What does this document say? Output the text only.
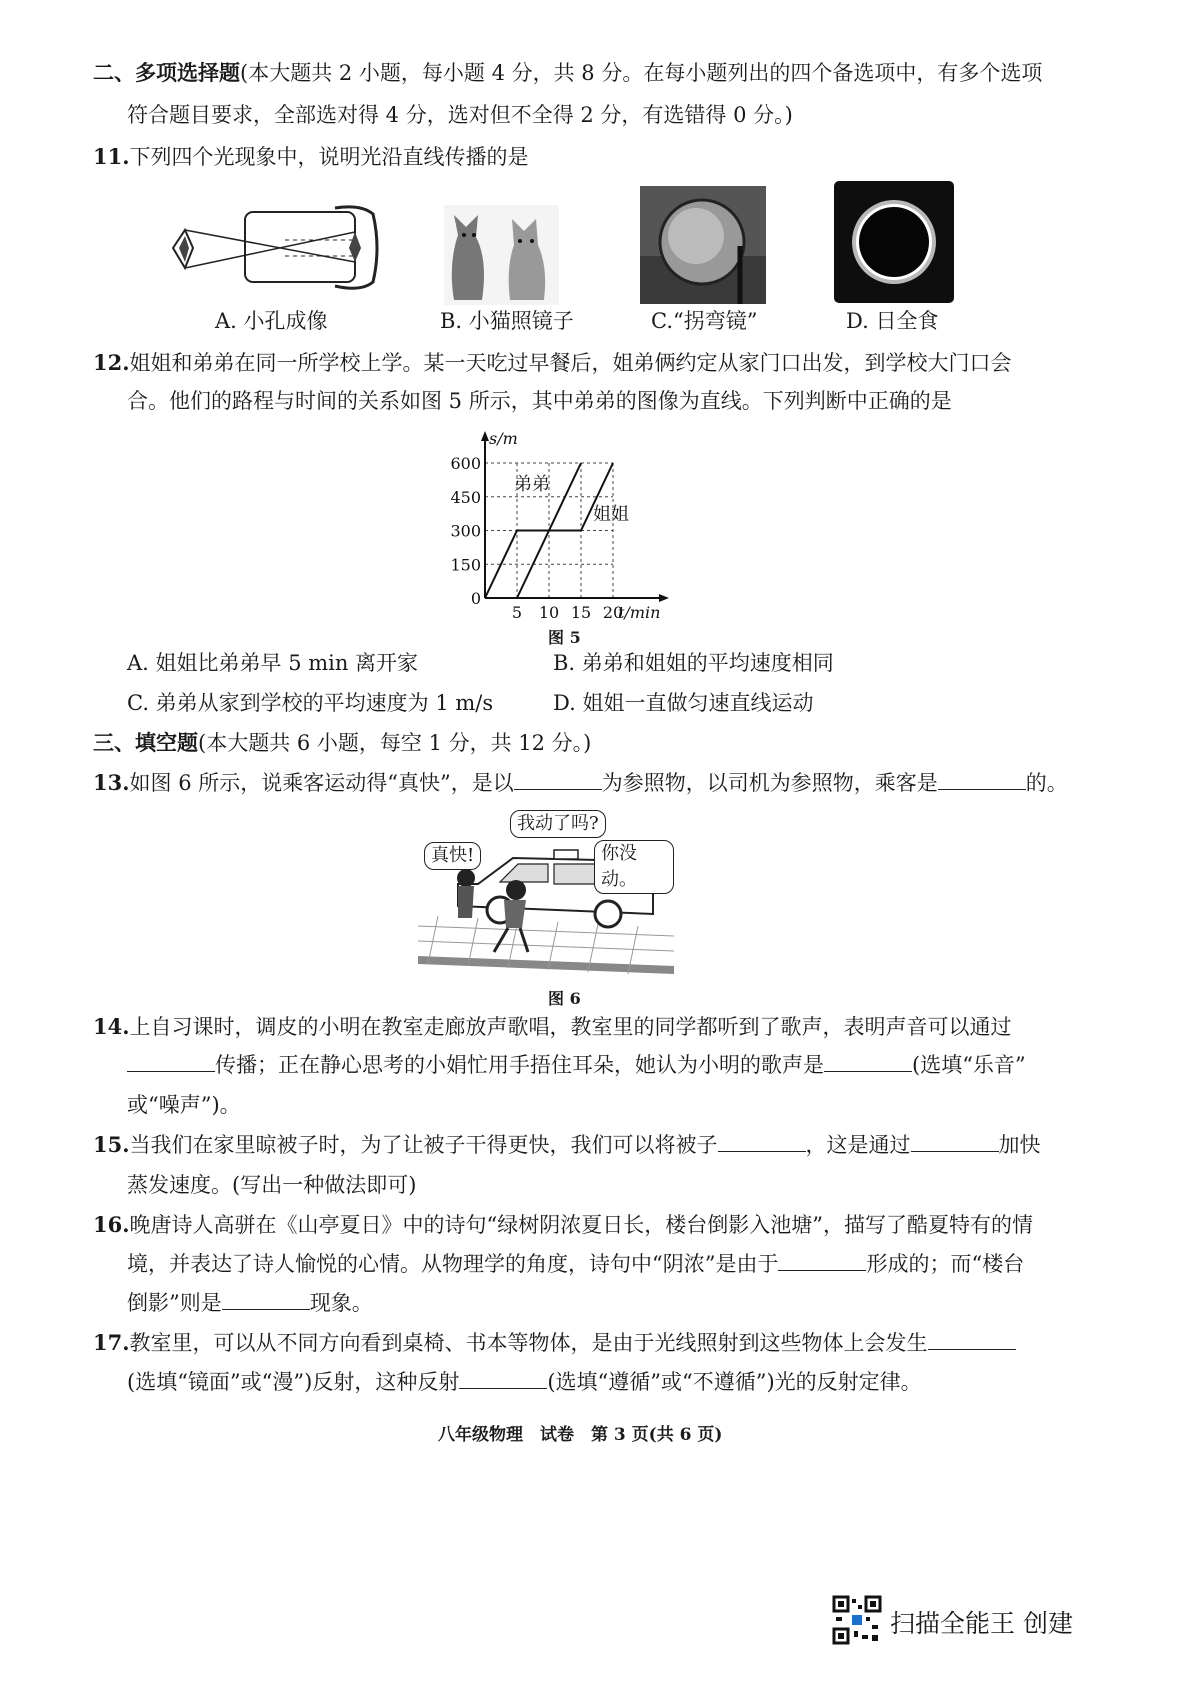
二、多项选择题(本大题共 2 小题，每小题 4 分，共 8 分。在每小题列出的四个备选项中，有多个选项
符合题目要求，全部选对得 4 分，选对但不全得 2 分，有选错得 0 分。)
11.下列四个光现象中，说明光沿直线传播的是
A. 小孔成像	B. 小猫照镜子	C.“拐弯镜”	D. 日全食
12.姐姐和弟弟在同一所学校上学。某一天吃过早餐后，姐弟俩约定从家门口出发，到学校大门口会
合。他们的路程与时间的关系如图 5 所示，其中弟弟的图像为直线。下列判断中正确的是
0
150
300
450
600
5 10 15 20
s/m
t/min
弟弟
姐姐
图 5
A. 姐姐比弟弟早 5 min 离开家	B. 弟弟和姐姐的平均速度相同
C. 弟弟从家到学校的平均速度为 1 m/s	D. 姐姐一直做匀速直线运动
三、填空题(本大题共 6 小题，每空 1 分，共 12 分。)
13.如图 6 所示，说乘客运动得“真快”，是以	为参照物，以司机为参照物，乘客是	的。
真快!
我动了吗?
你没动。
图 6
14.上自习课时，调皮的小明在教室走廊放声歌唱，教室里的同学都听到了歌声，表明声音可以通过
传播；正在静心思考的小娟忙用手捂住耳朵，她认为小明的歌声是	(选填“乐音”
或“噪声”)。
15.当我们在家里晾被子时，为了让被子干得更快，我们可以将被子	，这是通过	加快
蒸发速度。(写出一种做法即可)
16.晚唐诗人高骈在《山亭夏日》中的诗句“绿树阴浓夏日长，楼台倒影入池塘”，描写了酷夏特有的情
境，并表达了诗人愉悦的心情。从物理学的角度，诗句中“阴浓”是由于	形成的；而“楼台
倒影”则是	现象。
17.教室里，可以从不同方向看到桌椅、书本等物体，是由于光线照射到这些物体上会发生
(选填“镜面”或“漫”)反射，这种反射	(选填“遵循”或“不遵循”)光的反射定律。
八年级物理　试卷　第 3 页(共 6 页)
扫描全能王 创建
